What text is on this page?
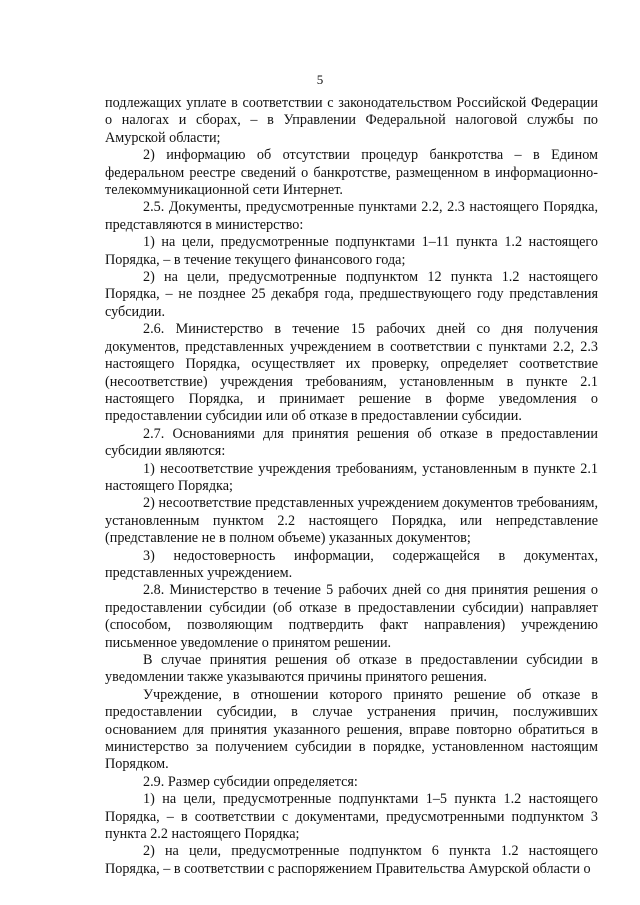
5

подлежащих уплате в соответствии с законодательством Российской Федерации о налогах и сборах, – в Управлении Федеральной налоговой службы по Амурской области;

2) информацию об отсутствии процедур банкротства – в Едином федеральном реестре сведений о банкротстве, размещенном в информационно-телекоммуникационной сети Интернет.

2.5. Документы, предусмотренные пунктами 2.2, 2.3 настоящего Порядка, представляются в министерство:

1) на цели, предусмотренные подпунктами 1–11 пункта 1.2 настоящего Порядка, – в течение текущего финансового года;

2) на цели, предусмотренные подпунктом 12 пункта 1.2 настоящего Порядка, – не позднее 25 декабря года, предшествующего году представления субсидии.

2.6. Министерство в течение 15 рабочих дней со дня получения документов, представленных учреждением в соответствии с пунктами 2.2, 2.3 настоящего Порядка, осуществляет их проверку, определяет соответствие (несоответствие) учреждения требованиям, установленным в пункте 2.1 настоящего Порядка, и принимает решение в форме уведомления о предоставлении субсидии или об отказе в предоставлении субсидии.

2.7. Основаниями для принятия решения об отказе в предоставлении субсидии являются:

1) несоответствие учреждения требованиям, установленным в пункте 2.1 настоящего Порядка;

2) несоответствие представленных учреждением документов требованиям, установленным пунктом 2.2 настоящего Порядка, или непредставление (представление не в полном объеме) указанных документов;

3) недостоверность информации, содержащейся в документах, представленных учреждением.

2.8. Министерство в течение 5 рабочих дней со дня принятия решения о предоставлении субсидии (об отказе в предоставлении субсидии) направляет (способом, позволяющим подтвердить факт направления) учреждению письменное уведомление о принятом решении.

В случае принятия решения об отказе в предоставлении субсидии в уведомлении также указываются причины принятого решения.

Учреждение, в отношении которого принято решение об отказе в предоставлении субсидии, в случае устранения причин, послуживших основанием для принятия указанного решения, вправе повторно обратиться в министерство за получением субсидии в порядке, установленном настоящим Порядком.

2.9. Размер субсидии определяется:

1) на цели, предусмотренные подпунктами 1–5 пункта 1.2 настоящего Порядка, – в соответствии с документами, предусмотренными подпунктом 3 пункта 2.2 настоящего Порядка;

2) на цели, предусмотренные подпунктом 6 пункта 1.2 настоящего Порядка, – в соответствии с распоряжением Правительства Амурской области о
